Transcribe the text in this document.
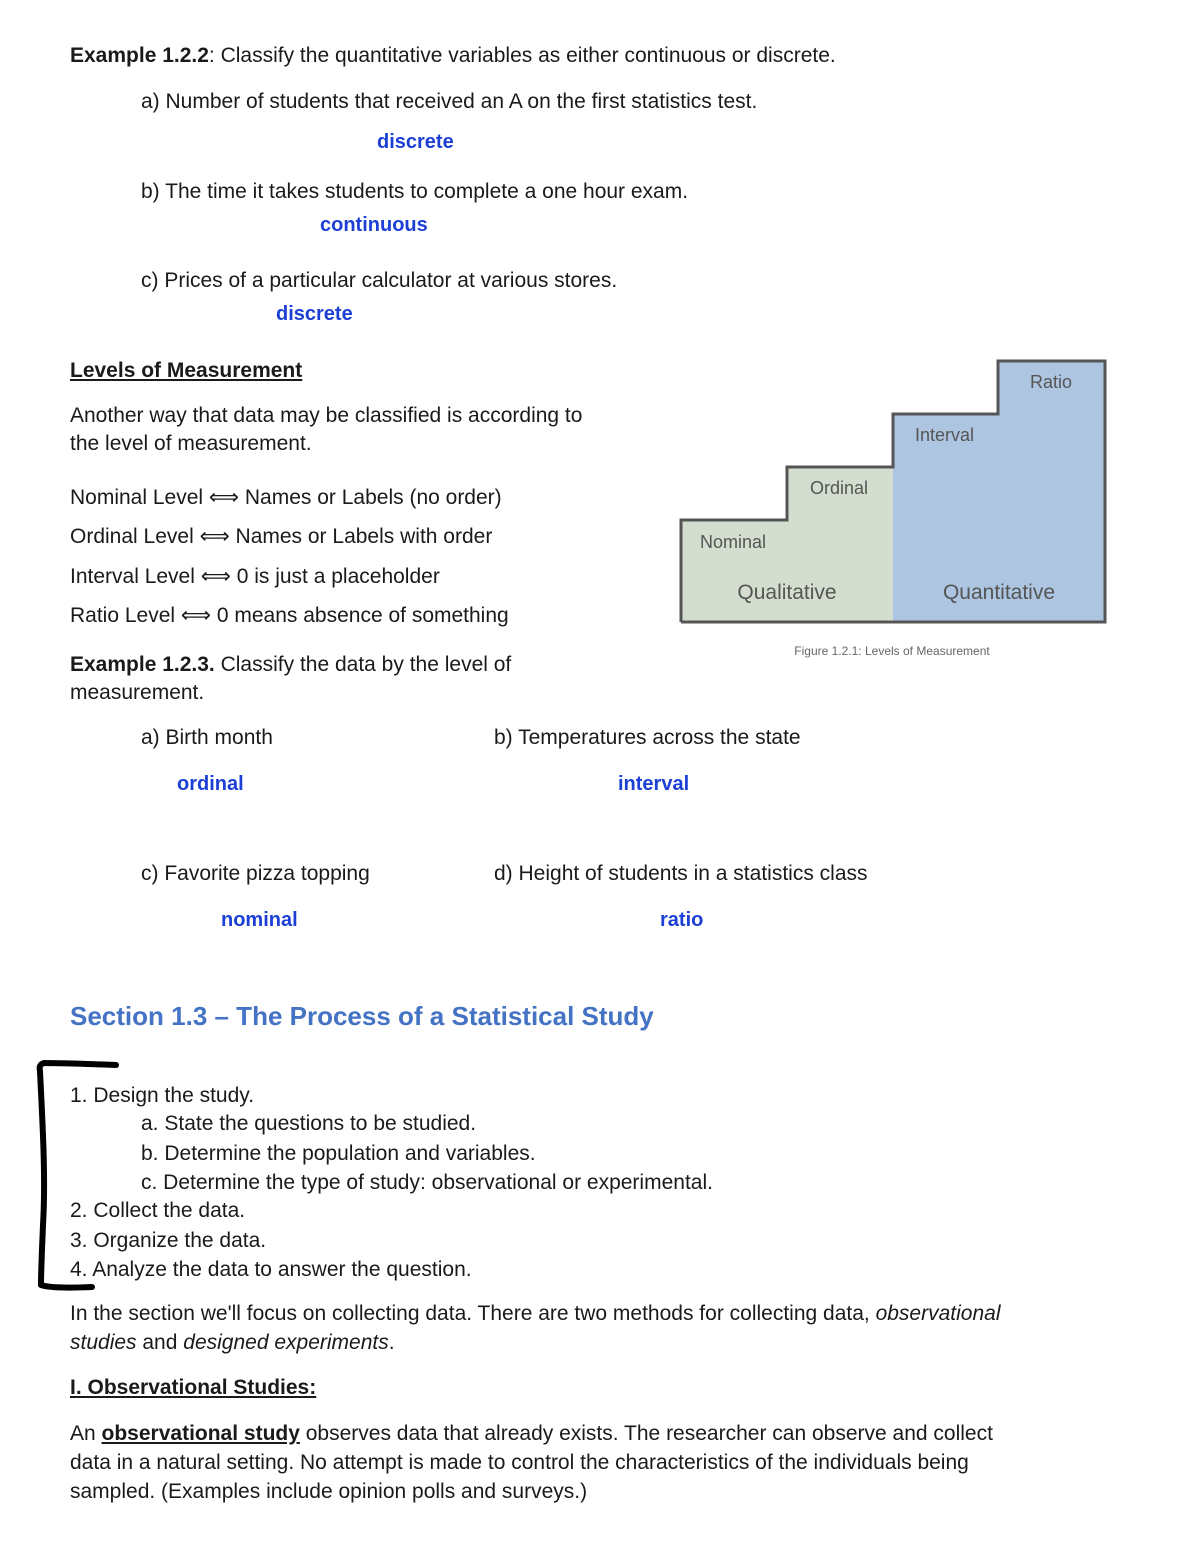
Example 1.2.2: Classify the quantitative variables as either continuous or discrete.
a) Number of students that received an A on the first statistics test.
discrete
b) The time it takes students to complete a one hour exam.
continuous
c) Prices of a particular calculator at various stores.
discrete
Levels of Measurement
Another way that data may be classified is according to
the level of measurement.
Nominal Level ⟺ Names or Labels (no order)
Ordinal Level ⟺ Names or Labels with order
Interval Level ⟺ 0 is just a placeholder
Ratio Level ⟺ 0 means absence of something
Nominal
Ordinal
Interval
Ratio
Qualitative	Quantitative
Figure 1.2.1: Levels of Measurement
Example 1.2.3. Classify the data by the level of
measurement.
a) Birth month
ordinal
b) Temperatures across the state
interval
c) Favorite pizza topping
nominal
d) Height of students in a statistics class
ratio
Section 1.3 – The Process of a Statistical Study
1. Design the study.
a. State the questions to be studied.
b. Determine the population and variables.
c. Determine the type of study: observational or experimental.
2. Collect the data.
3. Organize the data.
4. Analyze the data to answer the question.
In the section we'll focus on collecting data. There are two methods for collecting data, observational
studies and designed experiments.
I. Observational Studies:
An observational study observes data that already exists. The researcher can observe and collect
data in a natural setting. No attempt is made to control the characteristics of the individuals being
sampled. (Examples include opinion polls and surveys.)
